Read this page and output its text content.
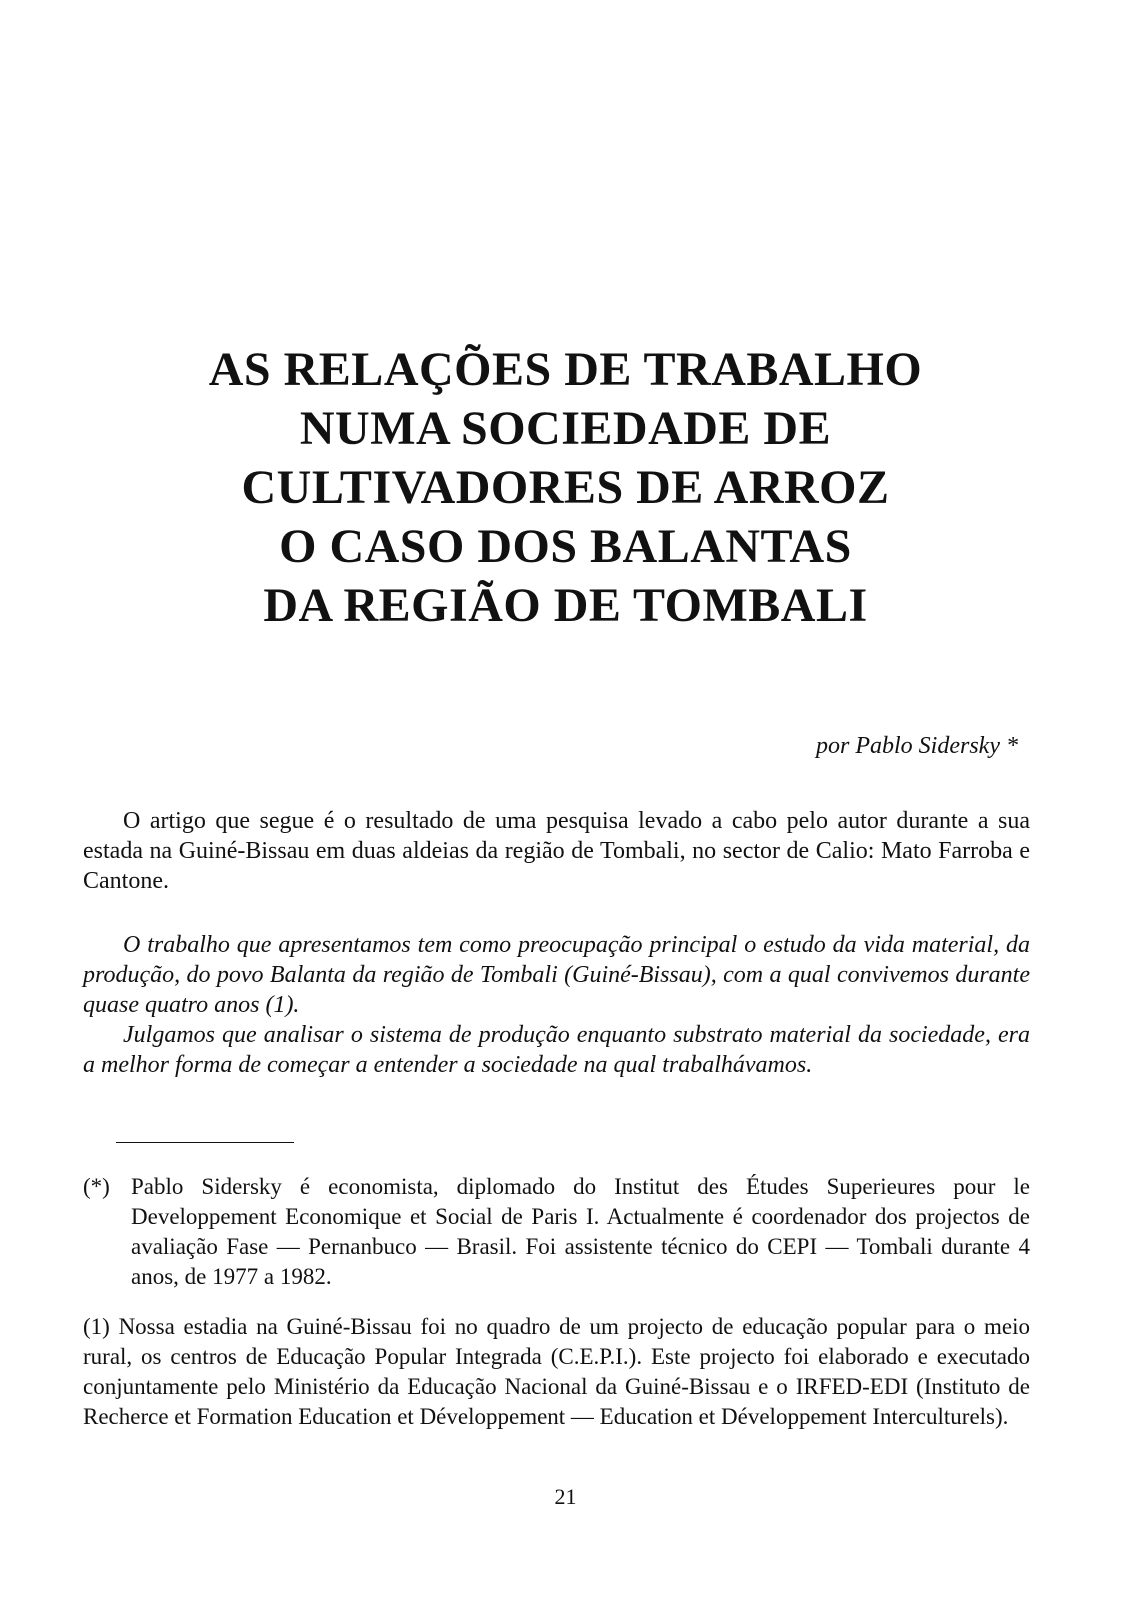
AS RELAÇÕES DE TRABALHO
NUMA SOCIEDADE DE
CULTIVADORES DE ARROZ
O CASO DOS BALANTAS
DA REGIÃO DE TOMBALI
por Pablo Sidersky *

O artigo que segue é o resultado de uma pesquisa levado a cabo pelo autor durante a sua estada na Guiné-Bissau em duas aldeias da região de Tombali, no sector de Calio: Mato Farroba e Cantone.

O trabalho que apresentamos tem como preocupação principal o estudo da vida material, da produção, do povo Balanta da região de Tombali (Guiné-Bissau), com a qual convivemos durante quase quatro anos (1).

Julgamos que analisar o sistema de produção enquanto substrato material da sociedade, era a melhor forma de começar a entender a sociedade na qual trabalhávamos.

(*) Pablo Sidersky é economista, diplomado do Institut des Études Superieures pour le Developpement Economique et Social de Paris I. Actualmente é coordenador dos projectos de avaliação Fase — Pernanbuco — Brasil. Foi assistente técnico do CEPI — Tombali durante 4 anos, de 1977 a 1982.
(1) Nossa estadia na Guiné-Bissau foi no quadro de um projecto de educação popular para o meio rural, os centros de Educação Popular Integrada (C.E.P.I.). Este projecto foi elaborado e executado conjuntamente pelo Ministério da Educação Nacional da Guiné-Bissau e o IRFED-EDI (Instituto de Recherce et Formation Education et Développement — Education et Développement Interculturels).
21
